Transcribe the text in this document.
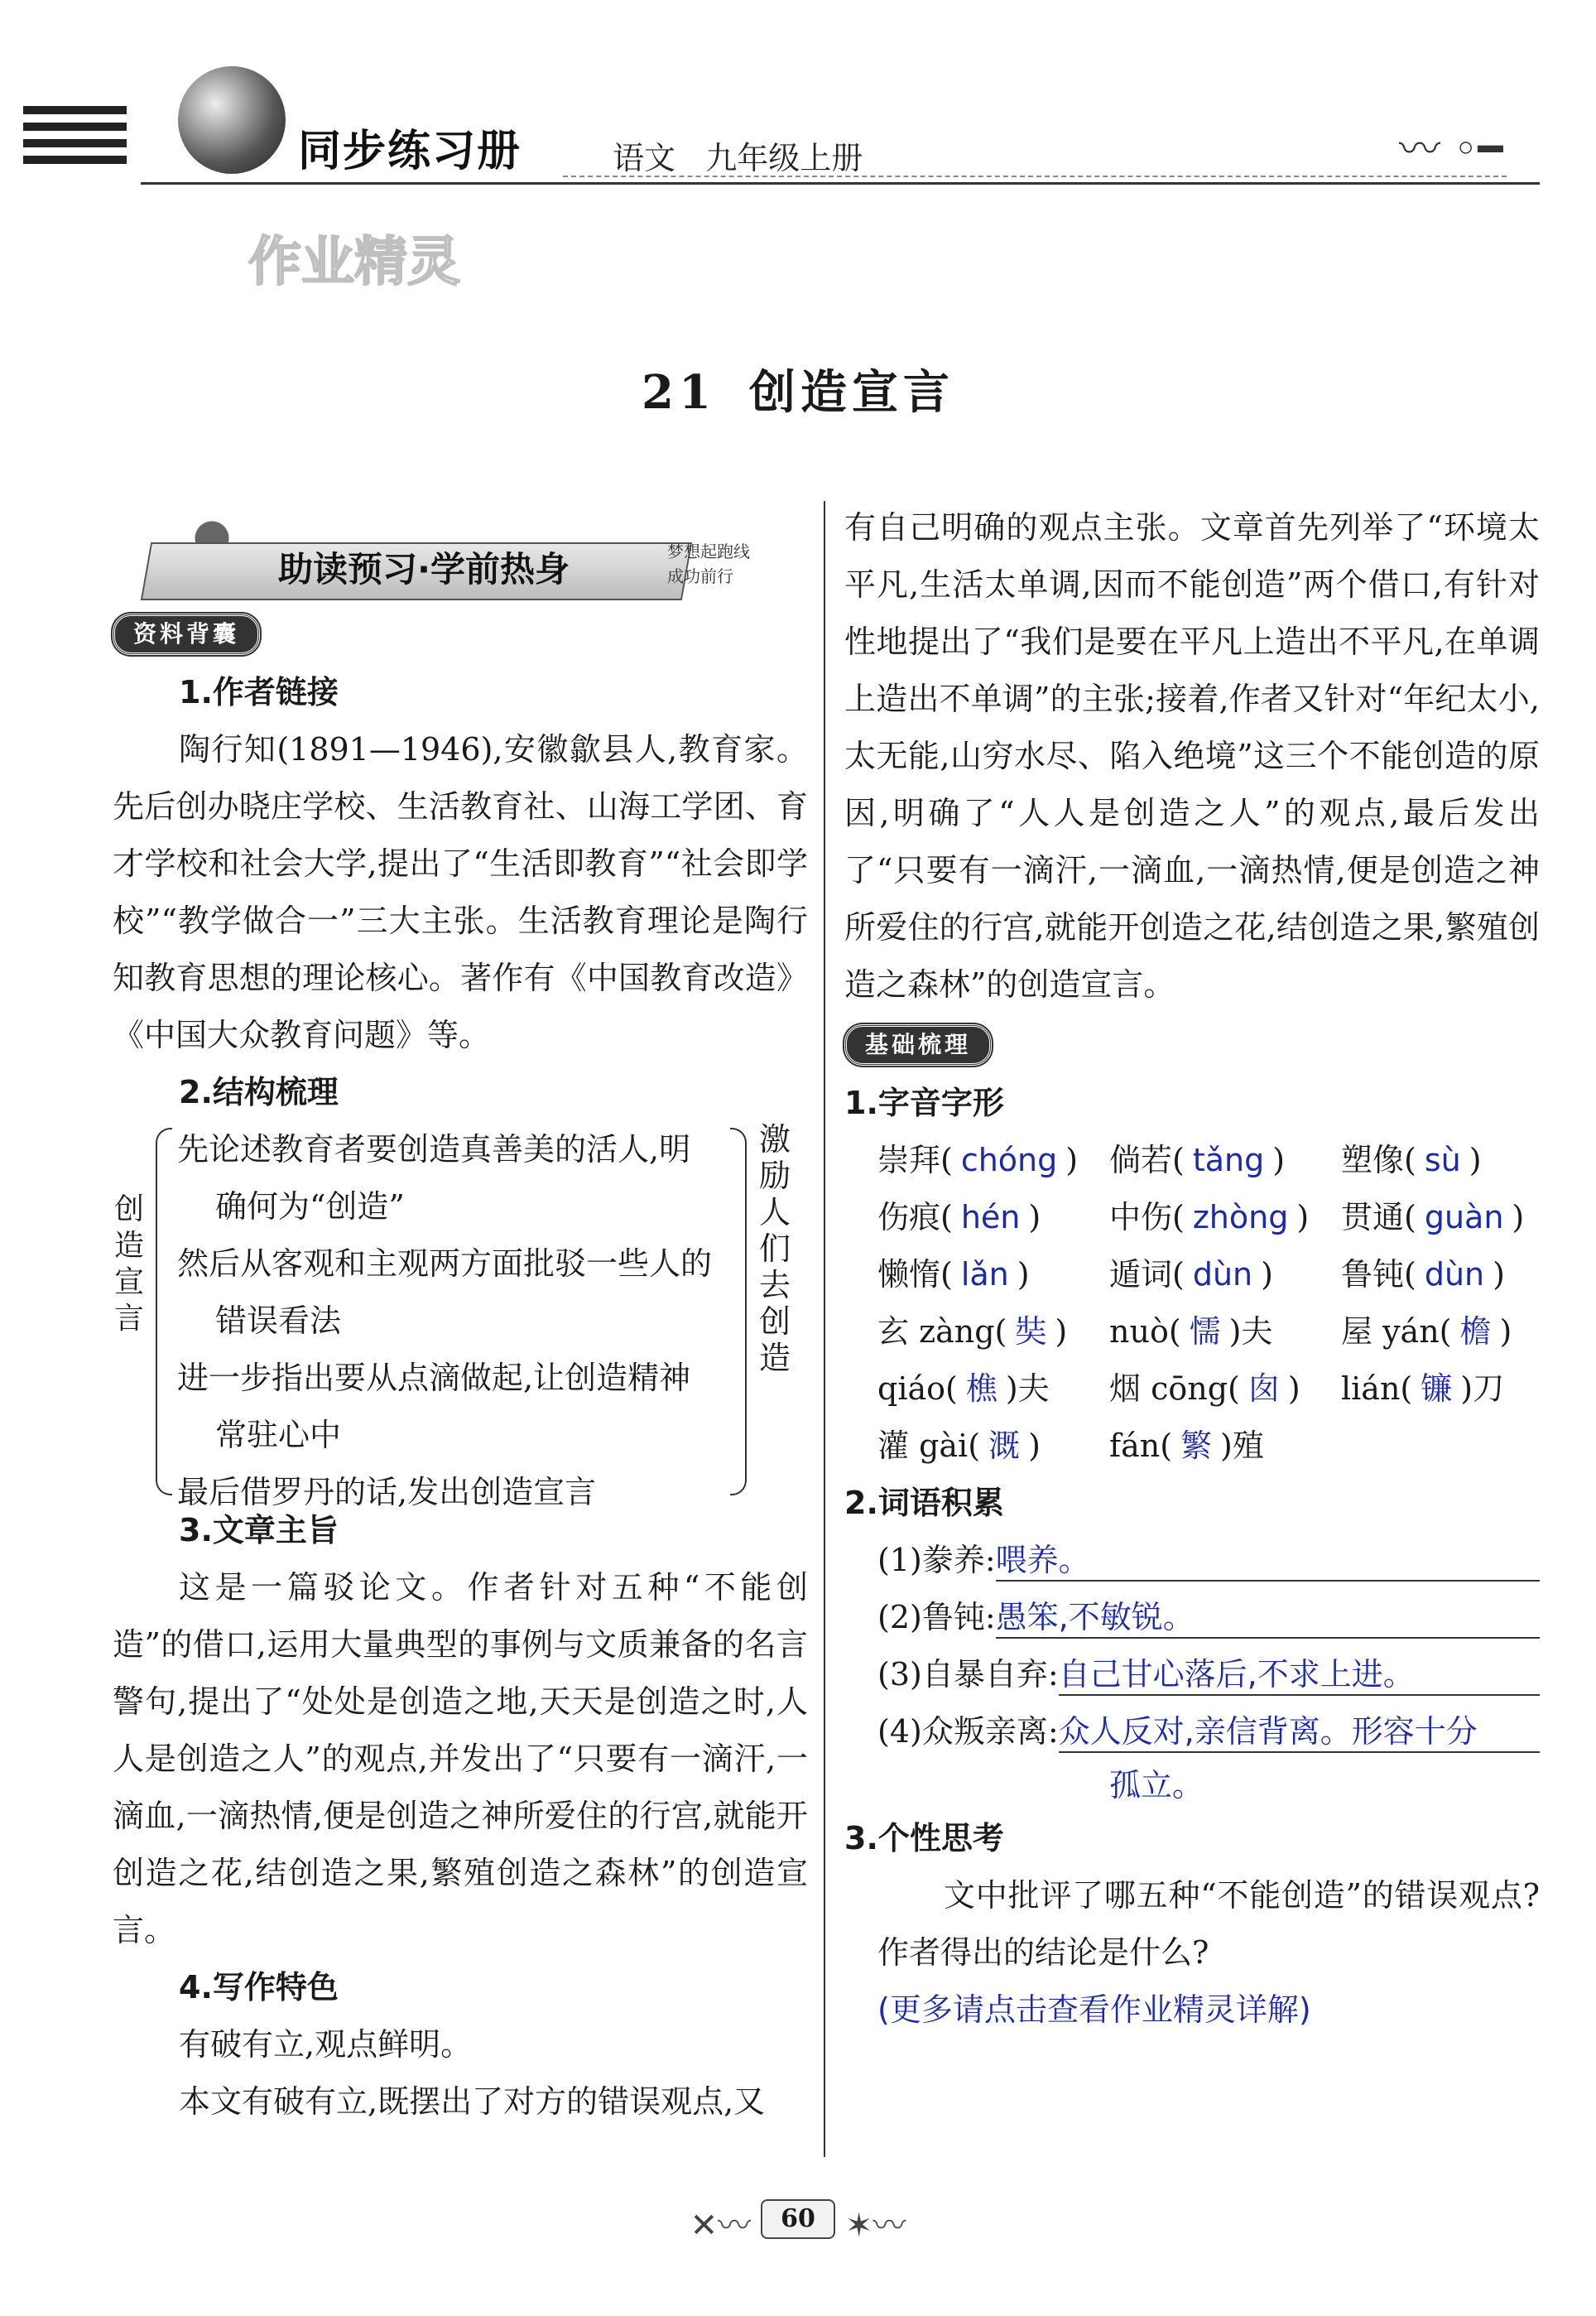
同步练习册	语文 九年级上册	〰 ◦━
作业精灵
21 创造宣言
助读预习·学前热身	梦想起跑线
成功前行
资料背囊
1.作者链接
陶行知(1891—1946),安徽歙县人,教育家。先后创办晓庄学校、生活教育社、山海工学团、育才学校和社会大学,提出了“生活即教育”“社会即学校”“教学做合一”三大主张。生活教育理论是陶行知教育思想的理论核心。著作有《中国教育改造》《中国大众教育问题》等。
2.结构梳理
创造宣言
先论述教育者要创造真善美的活人,明
确何为“创造”
然后从客观和主观两方面批驳一些人的
错误看法
进一步指出要从点滴做起,让创造精神
常驻心中
最后借罗丹的话,发出创造宣言
激励人们去创造
3.文章主旨
这是一篇驳论文。作者针对五种“不能创造”的借口,运用大量典型的事例与文质兼备的名言警句,提出了“处处是创造之地,天天是创造之时,人人是创造之人”的观点,并发出了“只要有一滴汗,一滴血,一滴热情,便是创造之神所爱住的行宫,就能开创造之花,结创造之果,繁殖创造之森林”的创造宣言。
4.写作特色
有破有立,观点鲜明。
本文有破有立,既摆出了对方的错误观点,又
有自己明确的观点主张。文章首先列举了“环境太平凡,生活太单调,因而不能创造”两个借口,有针对性地提出了“我们是要在平凡上造出不平凡,在单调上造出不单调”的主张;接着,作者又针对“年纪太小,太无能,山穷水尽、陷入绝境”这三个不能创造的原因,明确了“人人是创造之人”的观点,最后发出了“只要有一滴汗,一滴血,一滴热情,便是创造之神所爱住的行宫,就能开创造之花,结创造之果,繁殖创造之森林”的创造宣言。
基础梳理
1.字音字形
崇拜( chóng ) 倘若( tǎng )	塑像( sù )
伤痕( hén )	中伤( zhòng )	贯通( guàn )
懒惰( lǎn )	遁词( dùn )	鲁钝( dùn )
玄 zàng( 奘 )	nuò( 懦 )夫	屋 yán( 檐 )
qiáo( 樵 )夫	烟 cōng( 囱 )	lián( 镰 )刀
灌 gài( 溉 )	fán( 繁 )殖
2.词语积累
(1)豢养: 喂养。
(2)鲁钝: 愚笨,不敏锐。
(3)自暴自弃: 自己甘心落后,不求上进。
(4)众叛亲离: 众人反对,亲信背离。形容十分
孤立。
3.个性思考
文中批评了哪五种“不能创造”的错误观点?作者得出的结论是什么?
(更多请点击查看作业精灵详解)
✕〰 60 ✶〰
